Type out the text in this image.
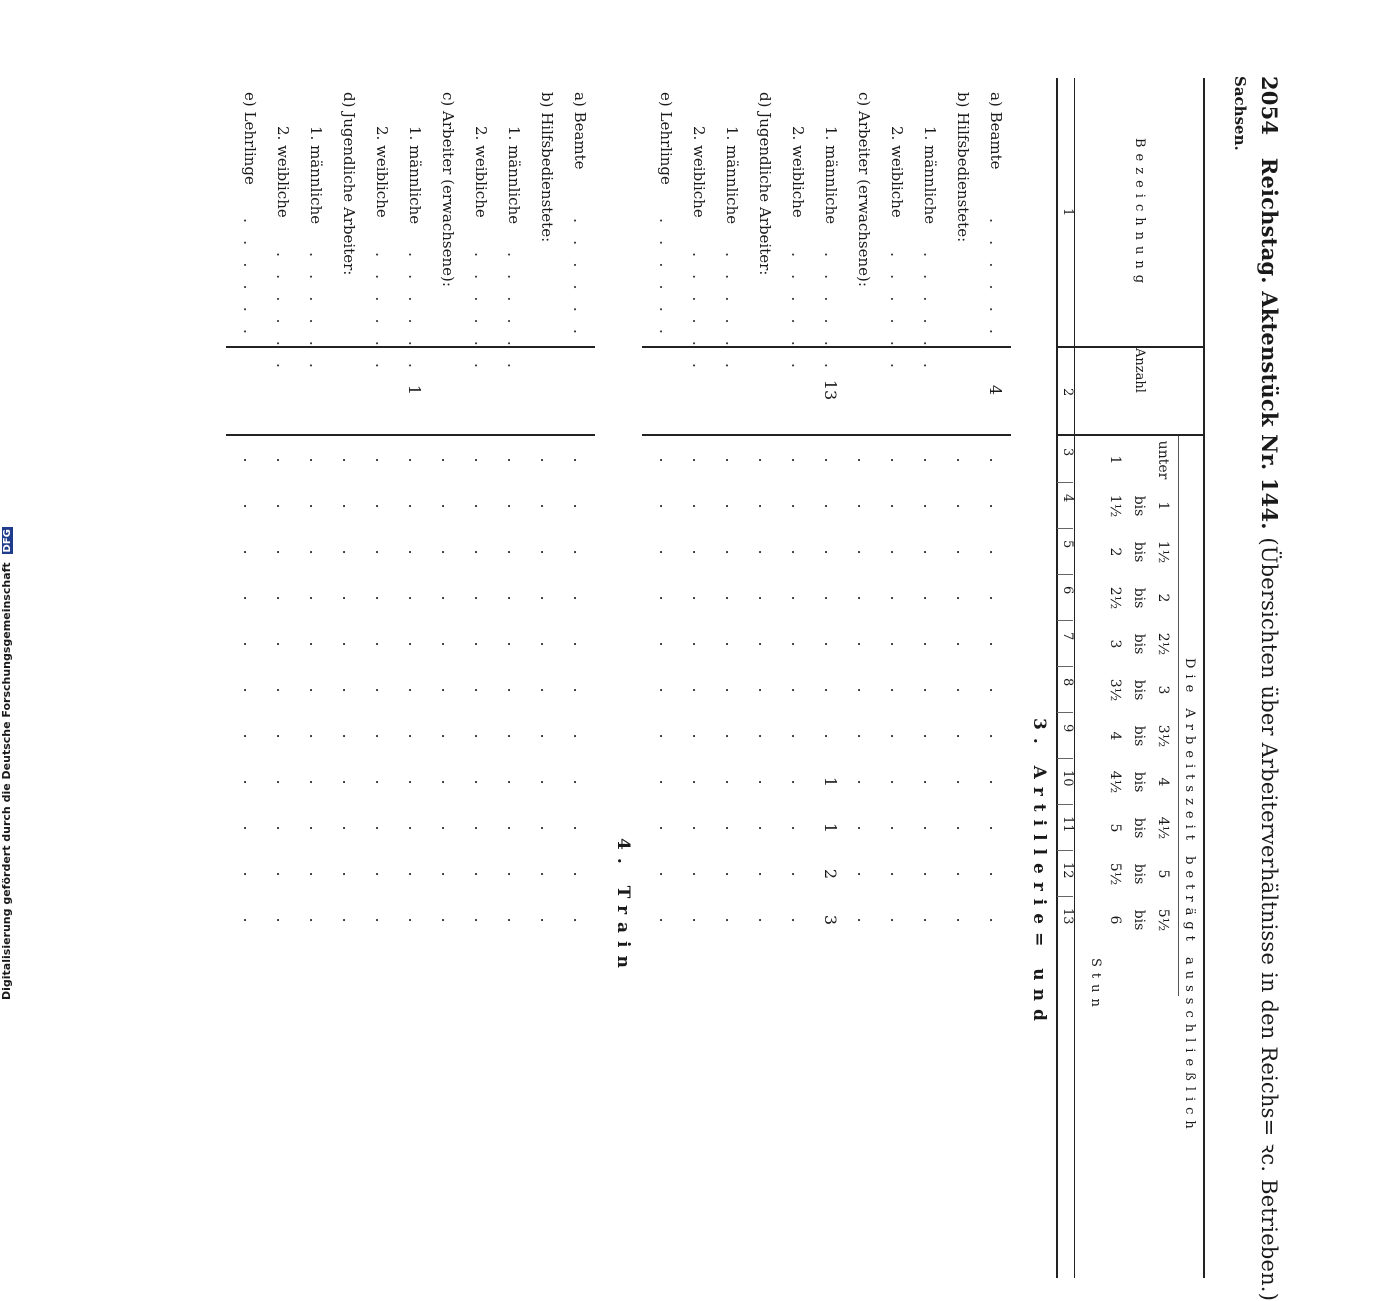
2054   Reichstag. Aktenstück Nr. 144. (Übersichten über Arbeiterverhältnisse in den Reichs= ꝛc. Betrieben.)
Sachsen.
Bezeichnung
Anzahl
Die Arbeitszeit beträgt ausschließlich
Stun
unter
1
1
bis
1½
1½
bis
2
2
bis
2½
2½
bis
3
3
bis
3½
3½
bis
4
4
bis
4½
4½
bis
5
5
bis
5½
5½
bis
6
1
2
3
4
5
6
7
8
9
10
11
12
13
3. Artillerie= und
a) Beamte
. . . . . .
4
.
.
.
.
.
.
.
.
.
.
.
b) Hilfsbedienstete:
.
.
.
.
.
.
.
.
.
.
.
1. männliche
. . . . . .
.
.
.
.
.
.
.
.
.
.
.
2. weibliche
. . . . . .
.
.
.
.
.
.
.
.
.
.
.
c) Arbeiter (erwachsene):
.
.
.
.
.
.
.
.
.
.
.
1. männliche
. . . . . .
13
.
.
.
.
.
.
.
1
1
2
3
2. weibliche
. . . . . .
.
.
.
.
.
.
.
.
.
.
.
d) Jugendliche Arbeiter:
.
.
.
.
.
.
.
.
.
.
.
1. männliche
. . . . . .
.
.
.
.
.
.
.
.
.
.
.
2. weibliche
. . . . . .
.
.
.
.
.
.
.
.
.
.
.
e) Lehrlinge
. . . . . .
.
.
.
.
.
.
.
.
.
.
.
4. Train
a) Beamte
. . . . . .
.
.
.
.
.
.
.
.
.
.
.
b) Hilfsbedienstete:
.
.
.
.
.
.
.
.
.
.
.
1. männliche
. . . . . .
.
.
.
.
.
.
.
.
.
.
.
2. weibliche
. . . . . .
.
.
.
.
.
.
.
.
.
.
.
c) Arbeiter (erwachsene):
.
.
.
.
.
.
.
.
.
.
.
1. männliche
. . . . . .
1
.
.
.
.
.
.
.
.
.
.
.
2. weibliche
. . . . . .
.
.
.
.
.
.
.
.
.
.
.
d) Jugendliche Arbeiter:
.
.
.
.
.
.
.
.
.
.
.
1. männliche
. . . . . .
.
.
.
.
.
.
.
.
.
.
.
2. weibliche
. . . . . .
.
.
.
.
.
.
.
.
.
.
.
e) Lehrlinge
. . . . . .
.
.
.
.
.
.
.
.
.
.
.
Digitalisierung gefördert durch die Deutsche Forschungsgemeinschaft DFG
